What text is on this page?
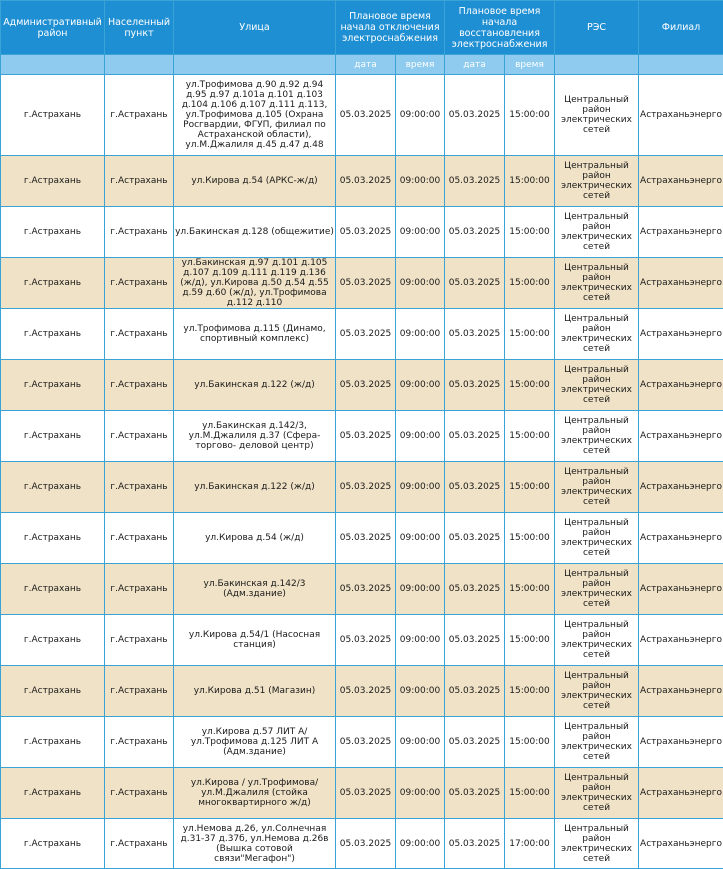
Административный район	Населенный пункт	Улица	Плановое время начала отключения электроснабжения		Плановое время начала восстановления электроснабжения		РЭС	Филиал
			дата	время	дата	время		
г.Астрахань	г.Астрахань	ул.Трофимова д.90 д.92 д.94 д.95 д.97 д.101а д.101 д.103 д.104 д.106 д.107 д.111 д.113, ул.Трофимова д.105 (Охрана Росгвардии, ФГУП, филиал по Астраханской области), ул.М.Джалиля д.45 д.47 д.48	05.03.2025	09:00:00	05.03.2025	15:00:00	Центральный район электрических сетей	Астраханьэнерго
г.Астрахань	г.Астрахань	ул.Кирова д.54 (АРКС-ж/д)	05.03.2025	09:00:00	05.03.2025	15:00:00	Центральный район электрических сетей	Астраханьэнерго
г.Астрахань	г.Астрахань	ул.Бакинская д.128 (общежитие)	05.03.2025	09:00:00	05.03.2025	15:00:00	Центральный район электрических сетей	Астраханьэнерго
г.Астрахань	г.Астрахань	ул.Бакинская д.97 д.101 д.105 д.107 д.109 д.111 д.119 д.136 (ж/д), ул.Кирова д.50 д.54 д.55 д.59 д.60 (ж/д), ул.Трофимова д.112 д.110	05.03.2025	09:00:00	05.03.2025	15:00:00	Центральный район электрических сетей	Астраханьэнерго
г.Астрахань	г.Астрахань	ул.Трофимова д.115 (Динамо, спортивный комплекс)	05.03.2025	09:00:00	05.03.2025	15:00:00	Центральный район электрических сетей	Астраханьэнерго
г.Астрахань	г.Астрахань	ул.Бакинская д.122 (ж/д)	05.03.2025	09:00:00	05.03.2025	15:00:00	Центральный район электрических сетей	Астраханьэнерго
г.Астрахань	г.Астрахань	ул.Бакинская д.142/3, ул.М.Джалиля д.37 (Сфера-торгово- деловой центр)	05.03.2025	09:00:00	05.03.2025	15:00:00	Центральный район электрических сетей	Астраханьэнерго
г.Астрахань	г.Астрахань	ул.Бакинская д.122 (ж/д)	05.03.2025	09:00:00	05.03.2025	15:00:00	Центральный район электрических сетей	Астраханьэнерго
г.Астрахань	г.Астрахань	ул.Кирова д.54 (ж/д)	05.03.2025	09:00:00	05.03.2025	15:00:00	Центральный район электрических сетей	Астраханьэнерго
г.Астрахань	г.Астрахань	ул.Бакинская д.142/3 (Адм.здание)	05.03.2025	09:00:00	05.03.2025	15:00:00	Центральный район электрических сетей	Астраханьэнерго
г.Астрахань	г.Астрахань	ул.Кирова д.54/1 (Насосная станция)	05.03.2025	09:00:00	05.03.2025	15:00:00	Центральный район электрических сетей	Астраханьэнерго
г.Астрахань	г.Астрахань	ул.Кирова д.51 (Магазин)	05.03.2025	09:00:00	05.03.2025	15:00:00	Центральный район электрических сетей	Астраханьэнерго
г.Астрахань	г.Астрахань	ул.Кирова д.57 ЛИТ А/ ул.Трофимова д.125 ЛИТ А (Адм.здание)	05.03.2025	09:00:00	05.03.2025	15:00:00	Центральный район электрических сетей	Астраханьэнерго
г.Астрахань	г.Астрахань	ул.Кирова / ул.Трофимова/ ул.М.Джалиля (стойка многоквартирного ж/д)	05.03.2025	09:00:00	05.03.2025	15:00:00	Центральный район электрических сетей	Астраханьэнерго
г.Астрахань	г.Астрахань	ул.Немова д.26, ул.Солнечная д.31-37 д.37б, ул.Немова д.26в (Вышка сотовой связи"Мегафон")	05.03.2025	09:00:00	05.03.2025	17:00:00	Центральный район электрических сетей	Астраханьэнерго
